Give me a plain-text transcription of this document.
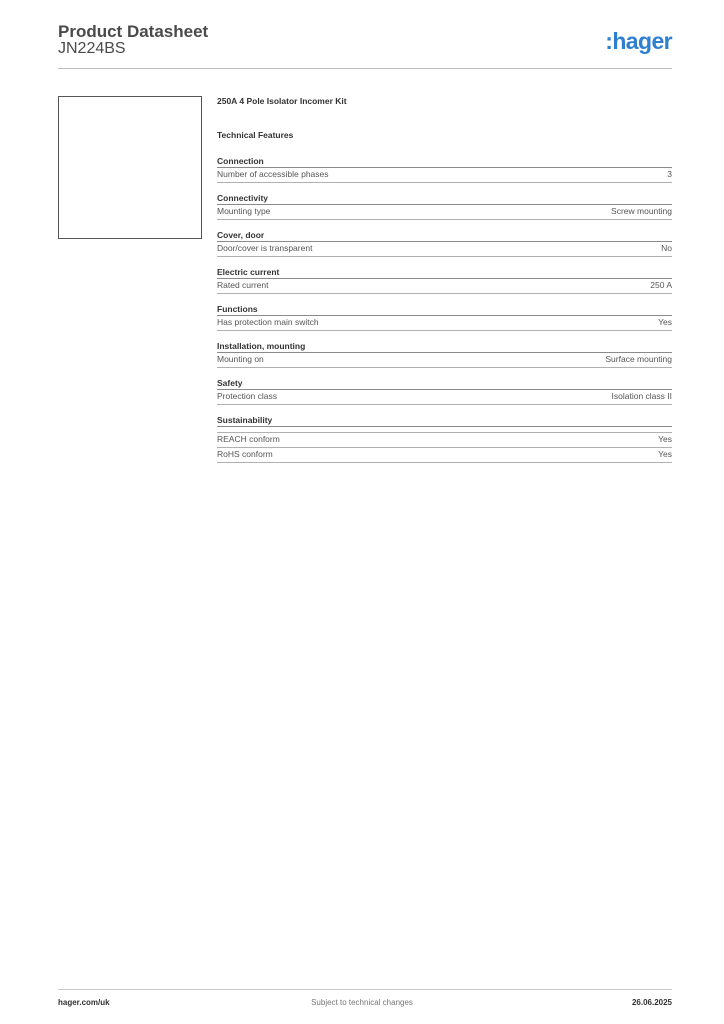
Product Datasheet
JN224BS	:hager
250A 4 Pole Isolator Incomer Kit
Technical Features
Connection
Number of accessible phases	3
Connectivity
Mounting type	Screw mounting
Cover, door
Door/cover is transparent	No
Electric current
Rated current	250 A
Functions
Has protection main switch	Yes
Installation, mounting
Mounting on	Surface mounting
Safety
Protection class	Isolation class II
Sustainability
REACH conform	Yes
RoHS conform	Yes
hager.com/uk	Subject to technical changes	26.06.2025
